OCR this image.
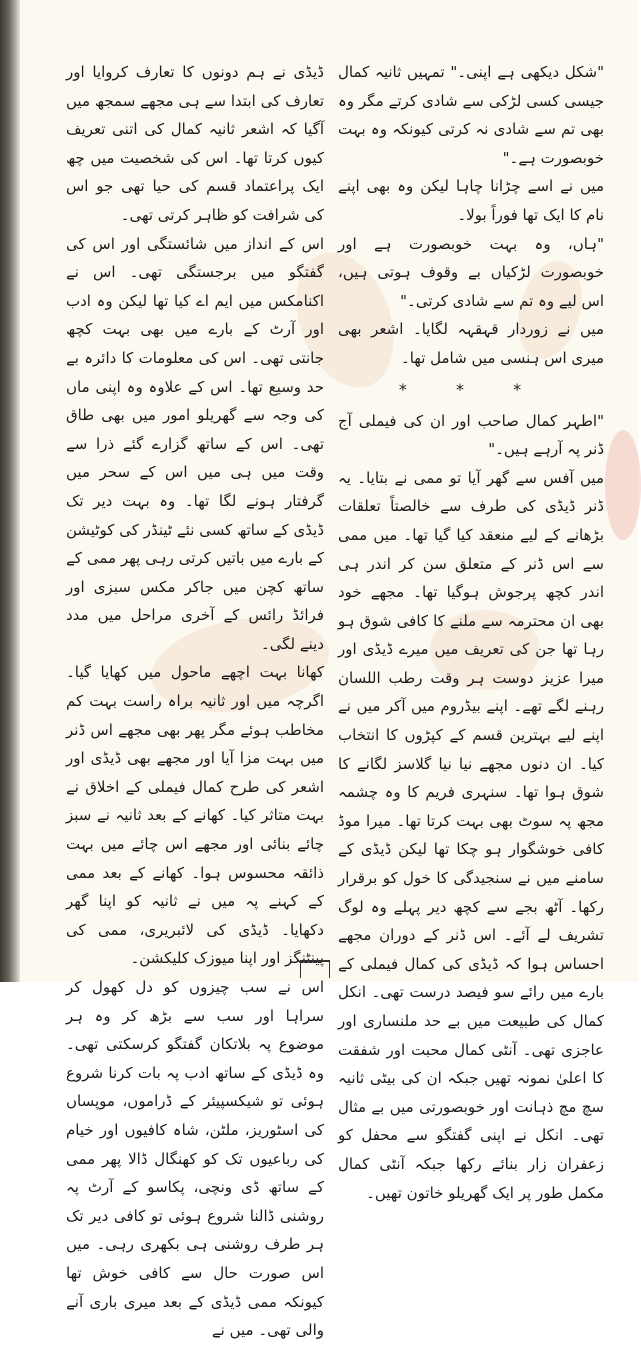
"شکل دیکھی ہے اپنی۔" تمہیں ثانیہ کمال جیسی کسی لڑکی سے شادی کرتے مگر وہ بھی تم سے شادی نہ کرتی کیونکہ وہ بہت خوبصورت ہے۔"

میں نے اسے چڑانا چاہا لیکن وہ بھی اپنے نام کا ایک تھا فوراً بولا۔

"ہاں، وہ بہت خوبصورت ہے اور خوبصورت لڑکیاں بے وقوف ہوتی ہیں، اس لیے وہ تم سے شادی کرتی۔"

میں نے زوردار قہقہہ لگایا۔ اشعر بھی میری اس ہنسی میں شامل تھا۔

* * *

"اطہر کمال صاحب اور ان کی فیملی آج ڈنر پہ آرہے ہیں۔"

میں آفس سے گھر آیا تو ممی نے بتایا۔ یہ ڈنر ڈیڈی کی طرف سے خالصتاً تعلقات بڑھانے کے لیے منعقد کیا گیا تھا۔ میں ممی سے اس ڈنر کے متعلق سن کر اندر ہی اندر کچھ پرجوش ہوگیا تھا۔ مجھے خود بھی ان محترمہ سے ملنے کا کافی شوق ہو رہا تھا جن کی تعریف میں میرے ڈیڈی اور میرا عزیز دوست ہر وقت رطب اللسان رہنے لگے تھے۔ اپنے بیڈروم میں آکر میں نے اپنے لیے بہترین قسم کے کپڑوں کا انتخاب کیا۔ ان دنوں مجھے نیا نیا گلاسز لگانے کا شوق ہوا تھا۔ سنہری فریم کا وہ چشمہ مجھ پہ سوٹ بھی بہت کرتا تھا۔ میرا موڈ کافی خوشگوار ہو چکا تھا لیکن ڈیڈی کے سامنے میں نے سنجیدگی کا خول کو برقرار رکھا۔ آٹھ بجے سے کچھ دیر پہلے وہ لوگ تشریف لے آئے۔ اس ڈنر کے دوران مجھے احساس ہوا کہ ڈیڈی کی کمال فیملی کے بارے میں رائے سو فیصد درست تھی۔ انکل کمال کی طبیعت میں بے حد ملنساری اور عاجزی تھی۔ آنٹی کمال محبت اور شفقت کا اعلیٰ نمونہ تھیں جبکہ ان کی بیٹی ثانیہ سچ مچ ذہانت اور خوبصورتی میں بے مثال تھی۔ انکل نے اپنی گفتگو سے محفل کو زعفران زار بنائے رکھا جبکہ آنٹی کمال مکمل طور پر ایک گھریلو خاتون تھیں۔

ڈیڈی نے ہم دونوں کا تعارف کروایا اور تعارف کی ابتدا سے ہی مجھے سمجھ میں آگیا کہ اشعر ثانیہ کمال کی اتنی تعریف کیوں کرتا تھا۔ اس کی شخصیت میں چھ ایک پراعتماد قسم کی حیا تھی جو اس کی شرافت کو ظاہر کرتی تھی۔

اس کے انداز میں شائستگی اور اس کی گفتگو میں برجستگی تھی۔ اس نے اکنامکس میں ایم اے کیا تھا لیکن وہ ادب اور آرٹ کے بارے میں بھی بہت کچھ جانتی تھی۔ اس کی معلومات کا دائرہ بے حد وسیع تھا۔ اس کے علاوہ وہ اپنی ماں کی وجہ سے گھریلو امور میں بھی طاق تھی۔ اس کے ساتھ گزارے گئے ذرا سے وقت میں ہی میں اس کے سحر میں گرفتار ہونے لگا تھا۔ وہ بہت دیر تک ڈیڈی کے ساتھ کسی نئے ٹینڈر کی کوٹیشن کے بارے میں باتیں کرتی رہی پھر ممی کے ساتھ کچن میں جاکر مکس سبزی اور فرائڈ رائس کے آخری مراحل میں مدد دینے لگی۔

کھانا بہت اچھے ماحول میں کھایا گیا۔ اگرچہ میں اور ثانیہ براہ راست بہت کم مخاطب ہوئے مگر پھر بھی مجھے اس ڈنر میں بہت مزا آیا اور مجھے بھی ڈیڈی اور اشعر کی طرح کمال فیملی کے اخلاق نے بہت متاثر کیا۔ کھانے کے بعد ثانیہ نے سبز چائے بنائی اور مجھے اس چائے میں بہت ذائقہ محسوس ہوا۔ کھانے کے بعد ممی کے کہنے پہ میں نے ثانیہ کو اپنا گھر دکھایا۔ ڈیڈی کی لائبریری، ممی کی پینٹنگز اور اپنا میوزک کلیکشن۔

اس نے سب چیزوں کو دل کھول کر سراہا اور سب سے بڑھ کر وہ ہر موضوع پہ بلاتکان گفتگو کرسکتی تھی۔ وہ ڈیڈی کے ساتھ ادب پہ بات کرنا شروع ہوئی تو شیکسپیئر کے ڈراموں، موپساں کی اسٹوریز، ملٹن، شاہ کافیوں اور خیام کی رباعیوں تک کو کھنگال ڈالا پھر ممی کے ساتھ ڈی ونچی، پکاسو کے آرٹ پہ روشنی ڈالنا شروع ہوئی تو کافی دیر تک ہر طرف روشنی ہی بکھری رہی۔ میں اس صورت حال سے کافی خوش تھا کیونکہ ممی ڈیڈی کے بعد میری باری آنے والی تھی۔ میں نے
